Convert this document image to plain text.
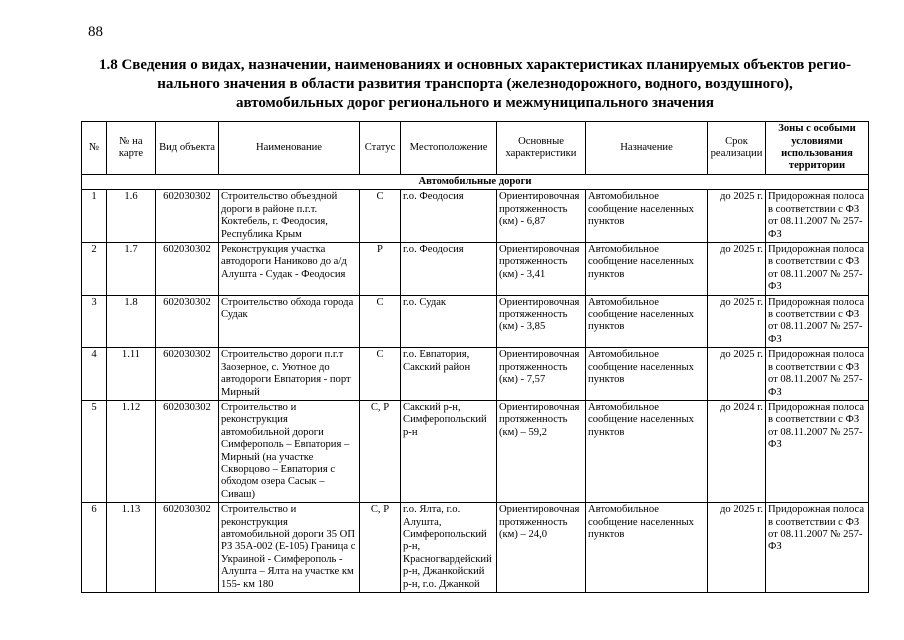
88
1.8 Сведения о видах, назначении, наименованиях и основных характеристиках планируемых объектов регио-
нального значения в области развития транспорта (железнодорожного, водного, воздушного),
автомобильных дорог регионального и межмуниципального значения
№	№ на карте	Вид объекта	Наименование	Статус	Местоположение	Основные характеристики	Назначение	Срок реализации	Зоны с особыми условиями использования территории
Автомобильные дороги									
1	1.6	602030302	Строительство объездной дороги в районе п.г.т. Коктебель, г. Феодосия, Республика Крым	С	г.о. Феодосия	Ориентировочная протяженность (км) - 6,87	Автомобильное сообщение населенных пунктов	до 2025 г.	Придорожная полоса в соответствии с ФЗ от 08.11.2007 № 257-ФЗ
2	1.7	602030302	Реконструкция участка автодороги Наниково до а/д Алушта - Судак - Феодосия	Р	г.о. Феодосия	Ориентировочная протяженность (км) - 3,41	Автомобильное сообщение населенных пунктов	до 2025 г.	Придорожная полоса в соответствии с ФЗ от 08.11.2007 № 257-ФЗ
3	1.8	602030302	Строительство обхода города Судак	С	г.о. Судак	Ориентировочная протяженность (км) - 3,85	Автомобильное сообщение населенных пунктов	до 2025 г.	Придорожная полоса в соответствии с ФЗ от 08.11.2007 № 257-ФЗ
4	1.11	602030302	Строительство дороги п.г.т Заозерное, с. Уютное до автодороги Евпатория - порт Мирный	С	г.о. Евпатория, Сакский район	Ориентировочная протяженность (км) - 7,57	Автомобильное сообщение населенных пунктов	до 2025 г.	Придорожная полоса в соответствии с ФЗ от 08.11.2007 № 257-ФЗ
5	1.12	602030302	Строительство и реконструкция автомобильной дороги Симферополь – Евпатория – Мирный (на участке Скворцово – Евпатория с обходом озера Сасык – Сиваш)	С, Р	Сакский р-н, Симферопольский р-н	Ориентировочная протяженность (км) – 59,2	Автомобильное сообщение населенных пунктов	до 2024 г.	Придорожная полоса в соответствии с ФЗ от 08.11.2007 № 257-ФЗ
6	1.13	602030302	Строительство и реконструкция автомобильной дороги 35 ОП РЗ 35А-002 (Е-105) Граница с Украиной - Симферополь - Алушта – Ялта на участке км 155- км 180	С, Р	г.о. Ялта, г.о. Алушта, Симферопольский р-н, Красногвардейский р-н, Джанкойский р-н, г.о. Джанкой	Ориентировочная протяженность (км) – 24,0	Автомобильное сообщение населенных пунктов	до 2025 г.	Придорожная полоса в соответствии с ФЗ от 08.11.2007 № 257-ФЗ
